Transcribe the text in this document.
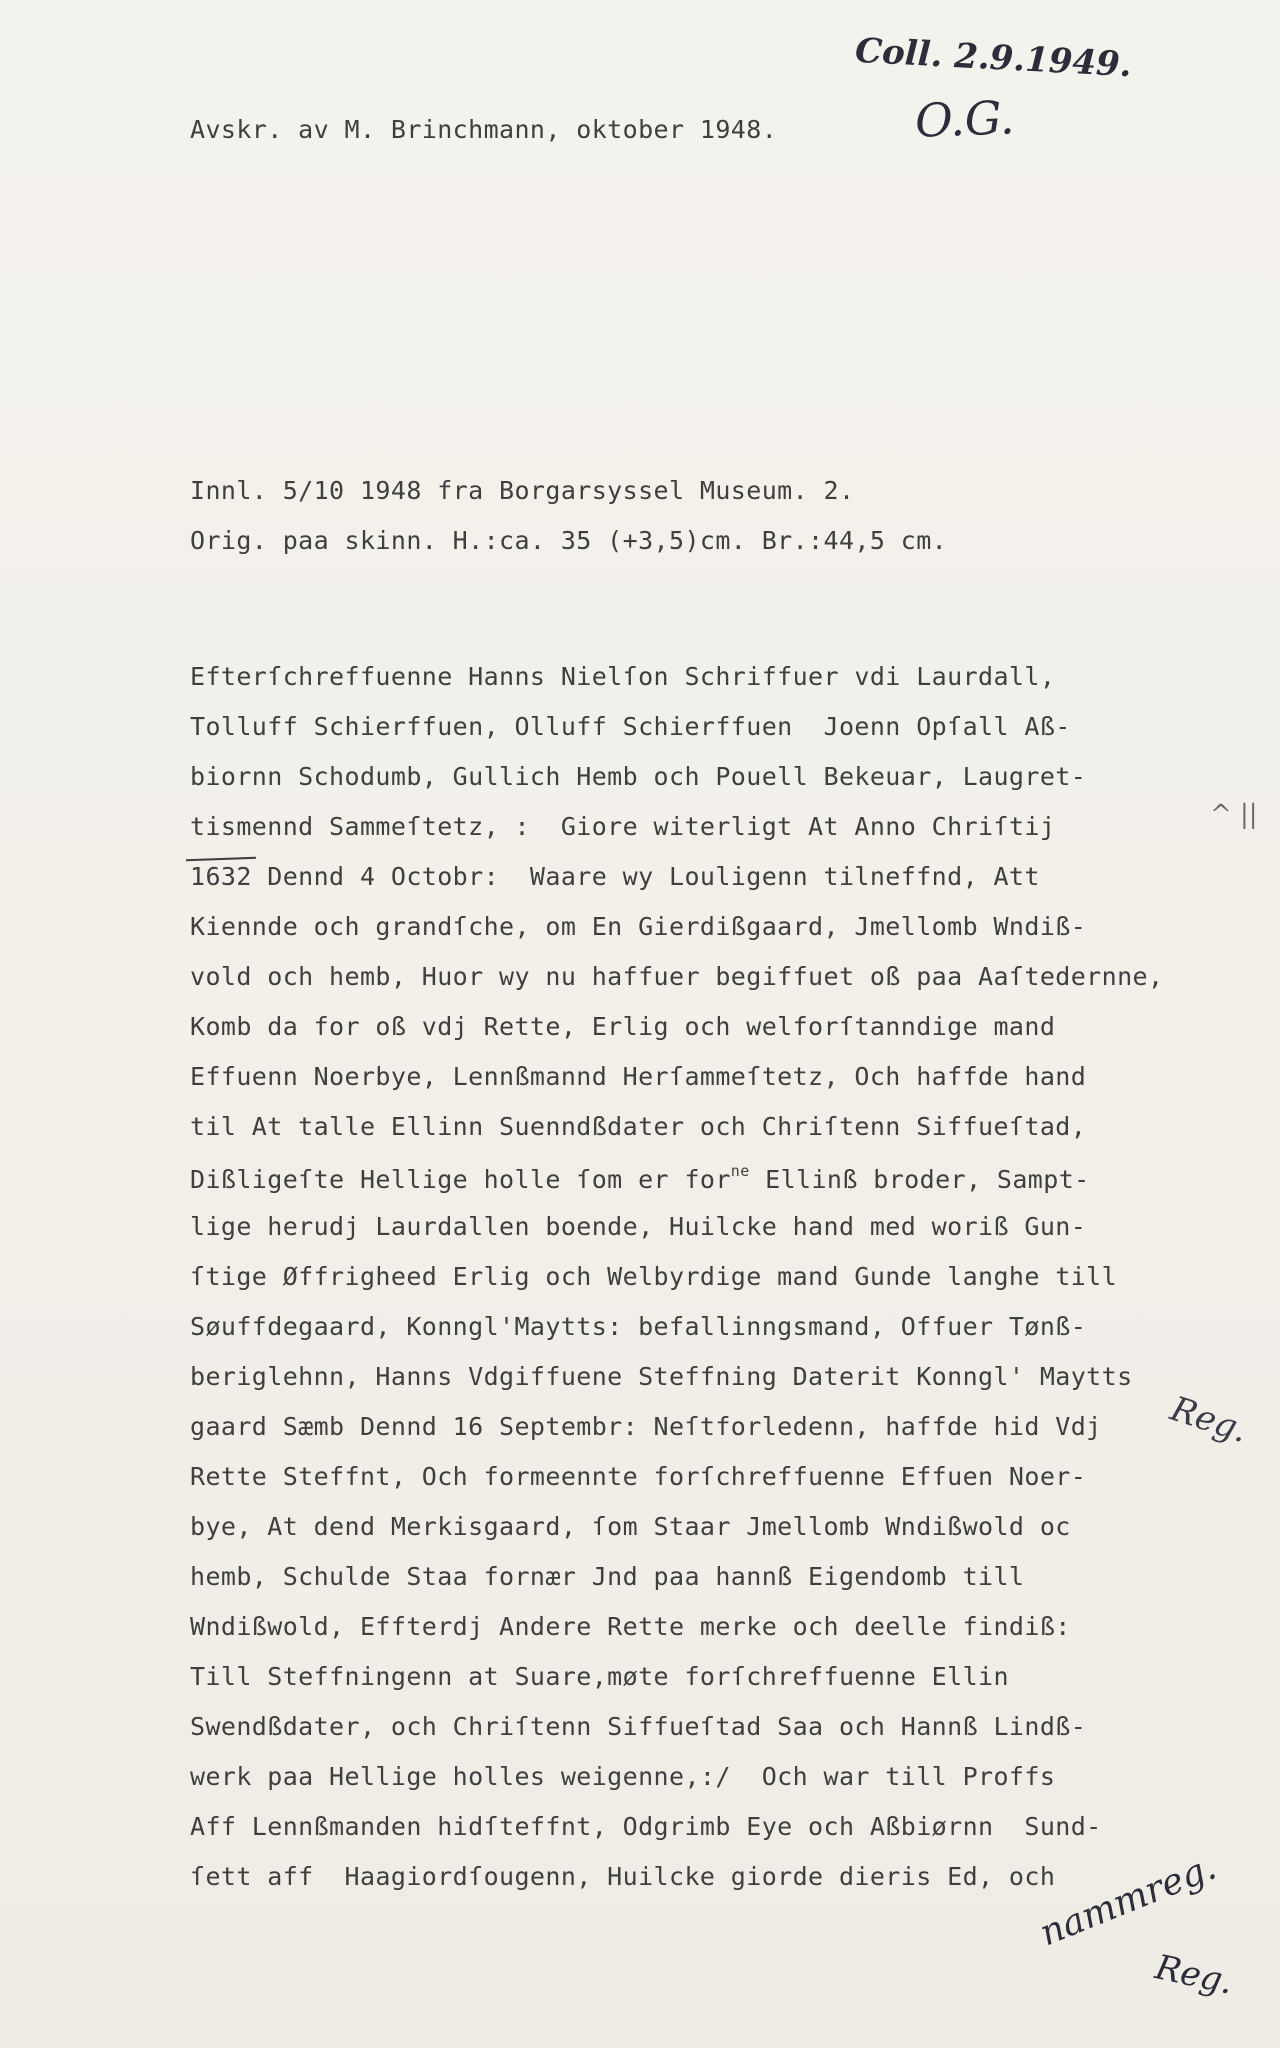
Avskr. av M. Brinchmann, oktober 1948.
Coll. 2.9.1949.
O.G.
Innl. 5/10 1948 fra Borgarsyssel Museum. 2.
Orig. paa skinn. H.:ca. 35 (+3,5)cm. Br.:44,5 cm.

Efterſchreffuenne Hanns Nielſon Schriffuer vdi Laurdall,

Tolluff Schierffuen, Olluff Schierffuen  Joenn Opſall Aß-

biornn Schodumb, Gullich Hemb och Pouell Bekeuar, Laugret-

tismennd Sammeſtetz, :  Giore witerligt At Anno Chriſtij

1632 Dennd 4 Octobr:  Waare wy Louligenn tilneffnd, Att

Kiennde och grandſche, om En Gierdißgaard, Jmellomb Wndiß-

vold och hemb, Huor wy nu haffuer begiffuet oß paa Aaſtedernne,

Komb da for oß vdj Rette, Erlig och welforſtanndige mand

Effuenn Noerbye, Lennßmannd Herſammeſtetz, Och haffde hand

til At talle Ellinn Suenndßdater och Chriſtenn Siffueſtad,

Dißligeſte Hellige holle ſom er for$^{ne}$ Ellinß broder, Sampt-

lige herudj Laurdallen boende, Huilcke hand med woriß Gun-

ſtige Øffrigheed Erlig och Welbyrdige mand Gunde langhe till

Søuffdegaard, Konngl'Maytts: befallinngsmand, Offuer Tønß-

beriglehnn, Hanns Vdgiffuene Steffning Daterit Konngl' Maytts

gaard Sæmb Dennd 16 Septembr: Neſtforledenn, haffde hid Vdj

Rette Steffnt, Och formeennte forſchreffuenne Effuen Noer-

bye, At dend Merkisgaard, ſom Staar Jmellomb Wndißwold oc

hemb, Schulde Staa fornær Jnd paa hannß Eigendomb till

Wndißwold, Effterdj Andere Rette merke och deelle findiß:

Till Steffningenn at Suare,møte forſchreffuenne Ellin

Swendßdater, och Chriſtenn Siffueſtad Saa och Hannß Lindß-

werk paa Hellige holles weigenne,:/  Och war till Proffs

Aff Lennßmanden hidſteffnt, Odgrimb Eye och Aßbiørnn  Sund-

ſett aff  Haagiordſougenn, Huilcke giorde dieris Ed, och

^ ||
Reg.
nammreg.
Reg.
